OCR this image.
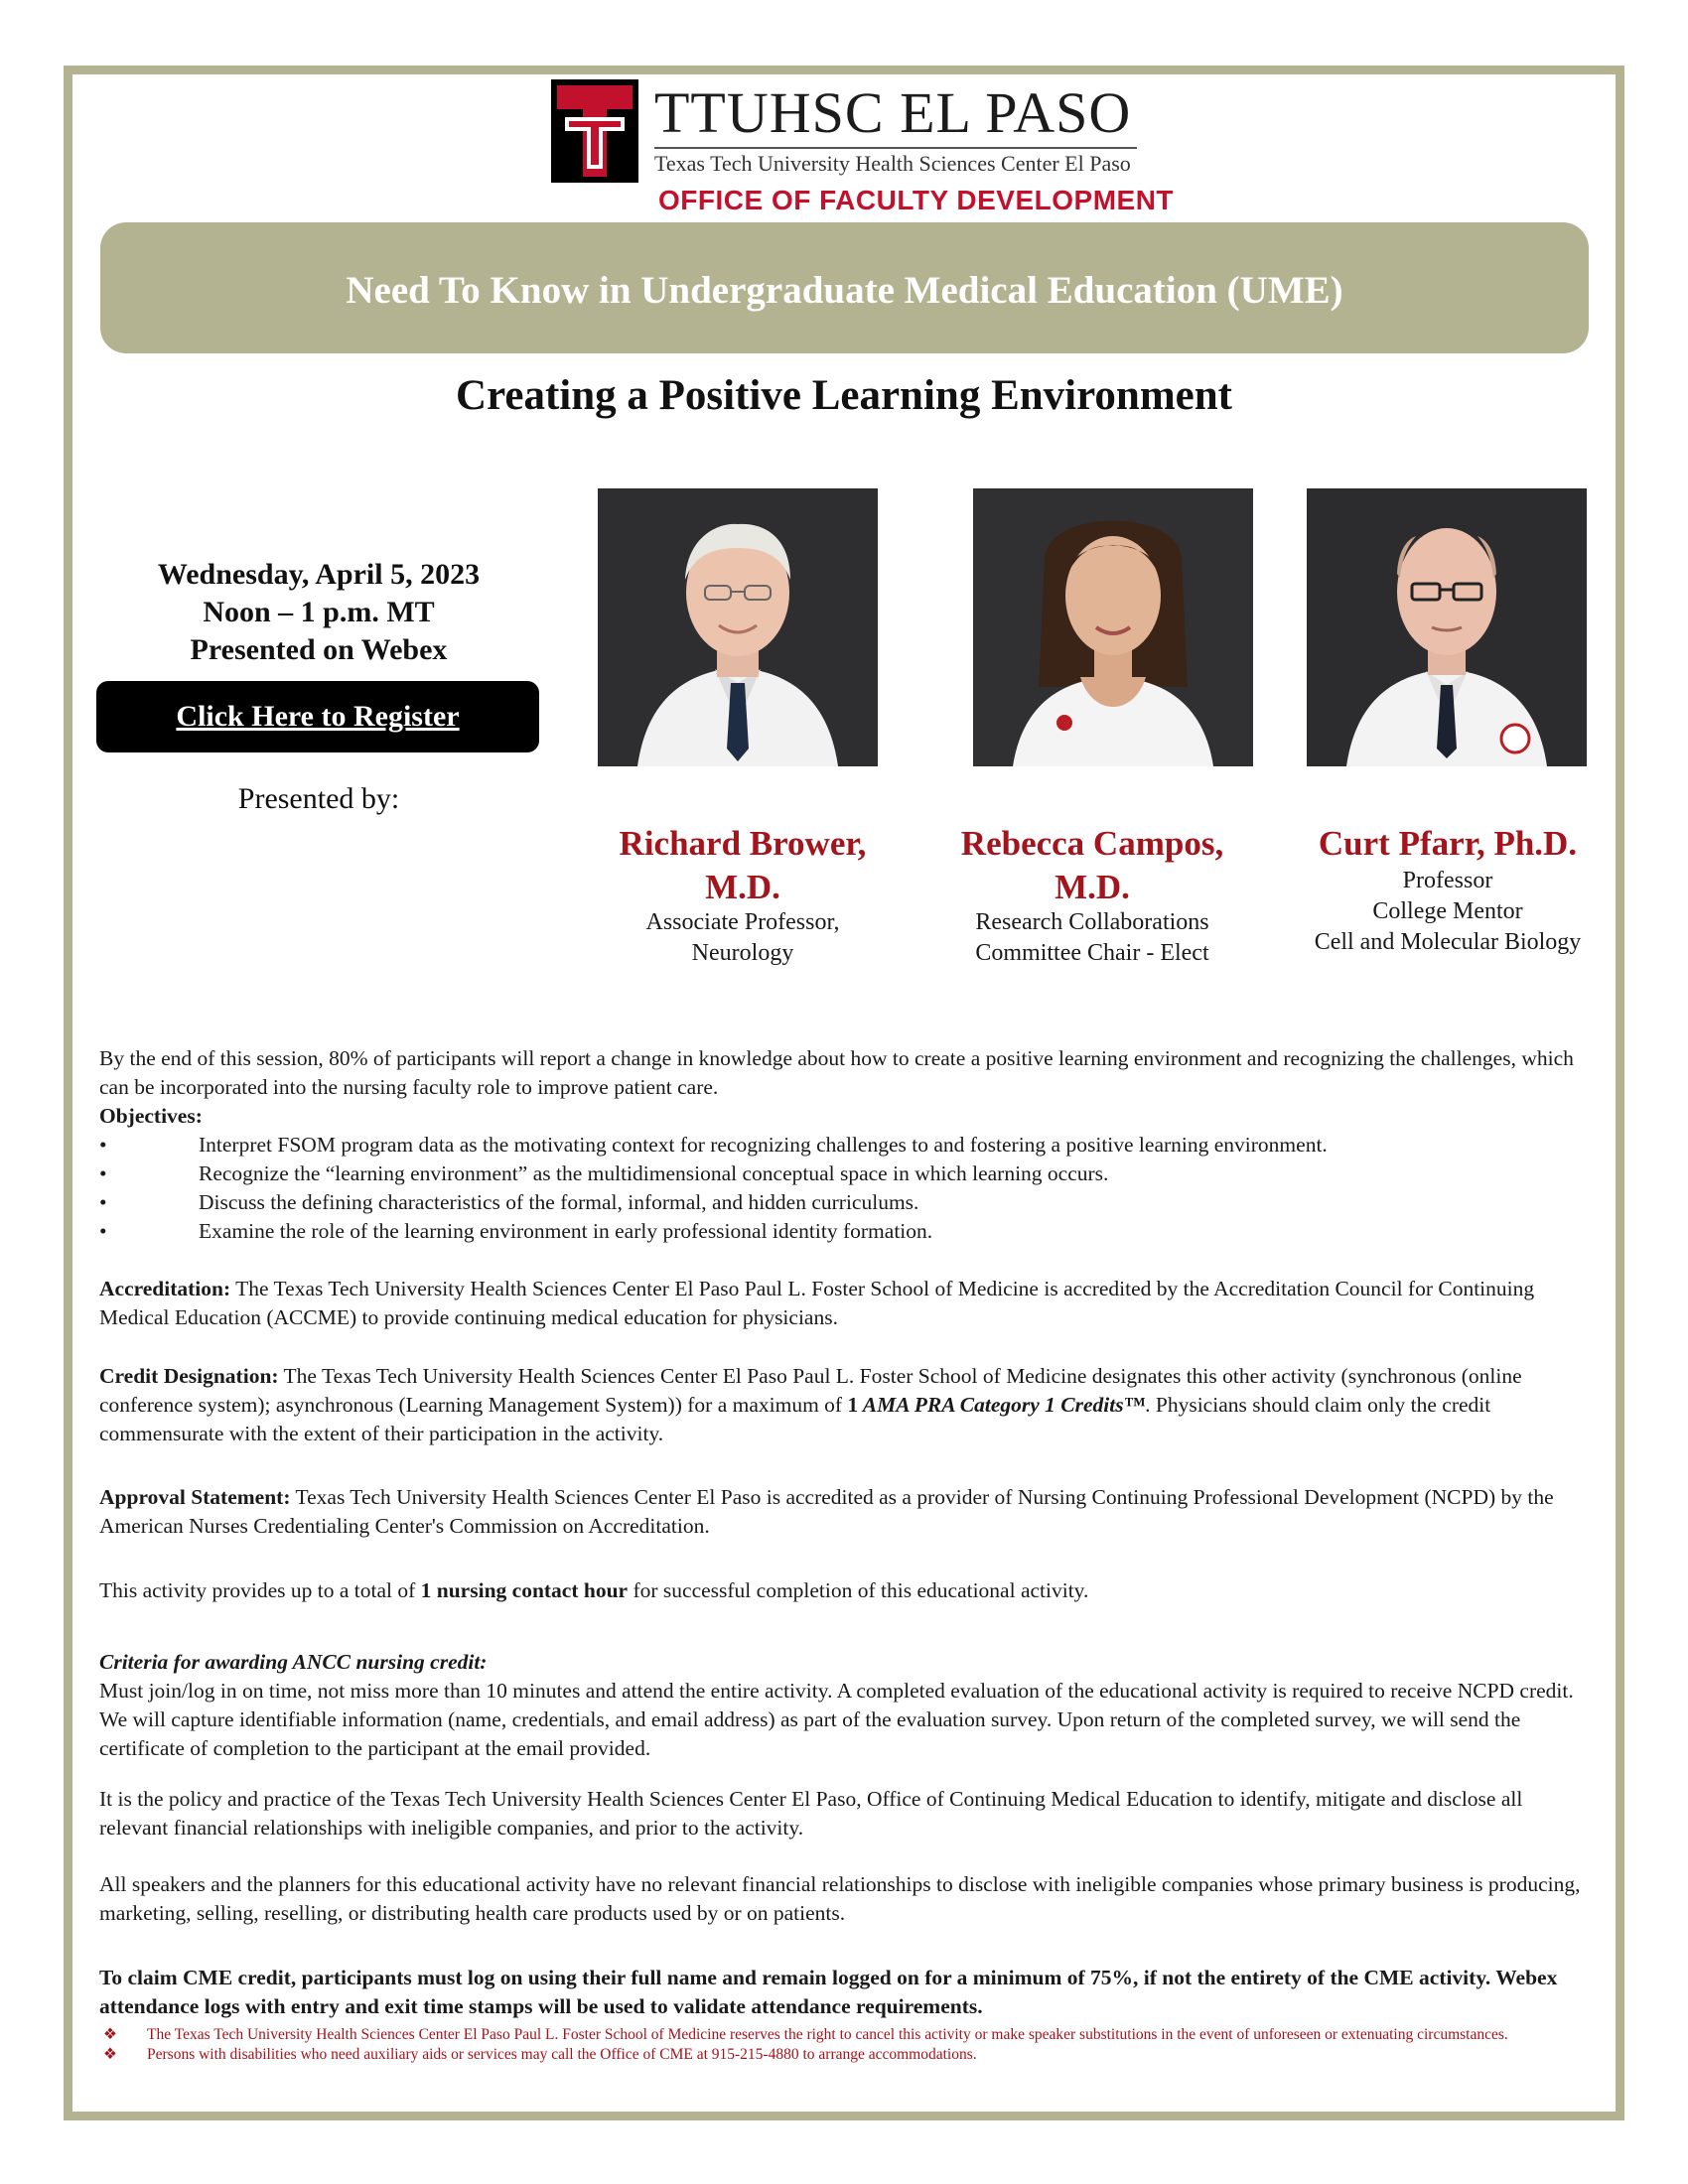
TTUHSC EL PASO
Texas Tech University Health Sciences Center El Paso
OFFICE OF FACULTY DEVELOPMENT
Need To Know in Undergraduate Medical Education (UME)
Creating a Positive Learning Environment
Wednesday, April 5, 2023
Noon – 1 p.m. MT
Presented on Webex
Click Here to Register
Presented by:
Richard Brower,
M.D.
Associate Professor,
Neurology
Rebecca Campos,
M.D.
Research Collaborations
Committee Chair - Elect
Curt Pfarr, Ph.D.
Professor
College Mentor
Cell and Molecular Biology
By the end of this session, 80% of participants will report a change in knowledge about how to create a positive learning environment and recognizing the challenges, which can be incorporated into the nursing faculty role to improve patient care.
Objectives:
•	Interpret FSOM program data as the motivating context for recognizing challenges to and fostering a positive learning environment.
•	Recognize the “learning environment” as the multidimensional conceptual space in which learning occurs.
•	Discuss the defining characteristics of the formal, informal, and hidden curriculums.
•	Examine the role of the learning environment in early professional identity formation.
Accreditation: The Texas Tech University Health Sciences Center El Paso Paul L. Foster School of Medicine is accredited by the Accreditation Council for Continuing Medical Education (ACCME) to provide continuing medical education for physicians.
Credit Designation: The Texas Tech University Health Sciences Center El Paso Paul L. Foster School of Medicine designates this other activity (synchronous (online conference system); asynchronous (Learning Management System)) for a maximum of 1 AMA PRA Category 1 Credits™. Physicians should claim only the credit commensurate with the extent of their participation in the activity.
Approval Statement: Texas Tech University Health Sciences Center El Paso is accredited as a provider of Nursing Continuing Professional Development (NCPD) by the American Nurses Credentialing Center's Commission on Accreditation.
This activity provides up to a total of 1 nursing contact hour for successful completion of this educational activity.
Criteria for awarding ANCC nursing credit:
Must join/log in on time, not miss more than 10 minutes and attend the entire activity. A completed evaluation of the educational activity is required to receive NCPD credit. We will capture identifiable information (name, credentials, and email address) as part of the evaluation survey. Upon return of the completed survey, we will send the certificate of completion to the participant at the email provided.
It is the policy and practice of the Texas Tech University Health Sciences Center El Paso, Office of Continuing Medical Education to identify, mitigate and disclose all relevant financial relationships with ineligible companies, and prior to the activity.
All speakers and the planners for this educational activity have no relevant financial relationships to disclose with ineligible companies whose primary business is producing, marketing, selling, reselling, or distributing health care products used by or on patients.
To claim CME credit, participants must log on using their full name and remain logged on for a minimum of 75%, if not the entirety of the CME activity. Webex attendance logs with entry and exit time stamps will be used to validate attendance requirements.
❖ The Texas Tech University Health Sciences Center El Paso Paul L. Foster School of Medicine reserves the right to cancel this activity or make speaker substitutions in the event of unforeseen or extenuating circumstances.
❖ Persons with disabilities who need auxiliary aids or services may call the Office of CME at 915-215-4880 to arrange accommodations.
